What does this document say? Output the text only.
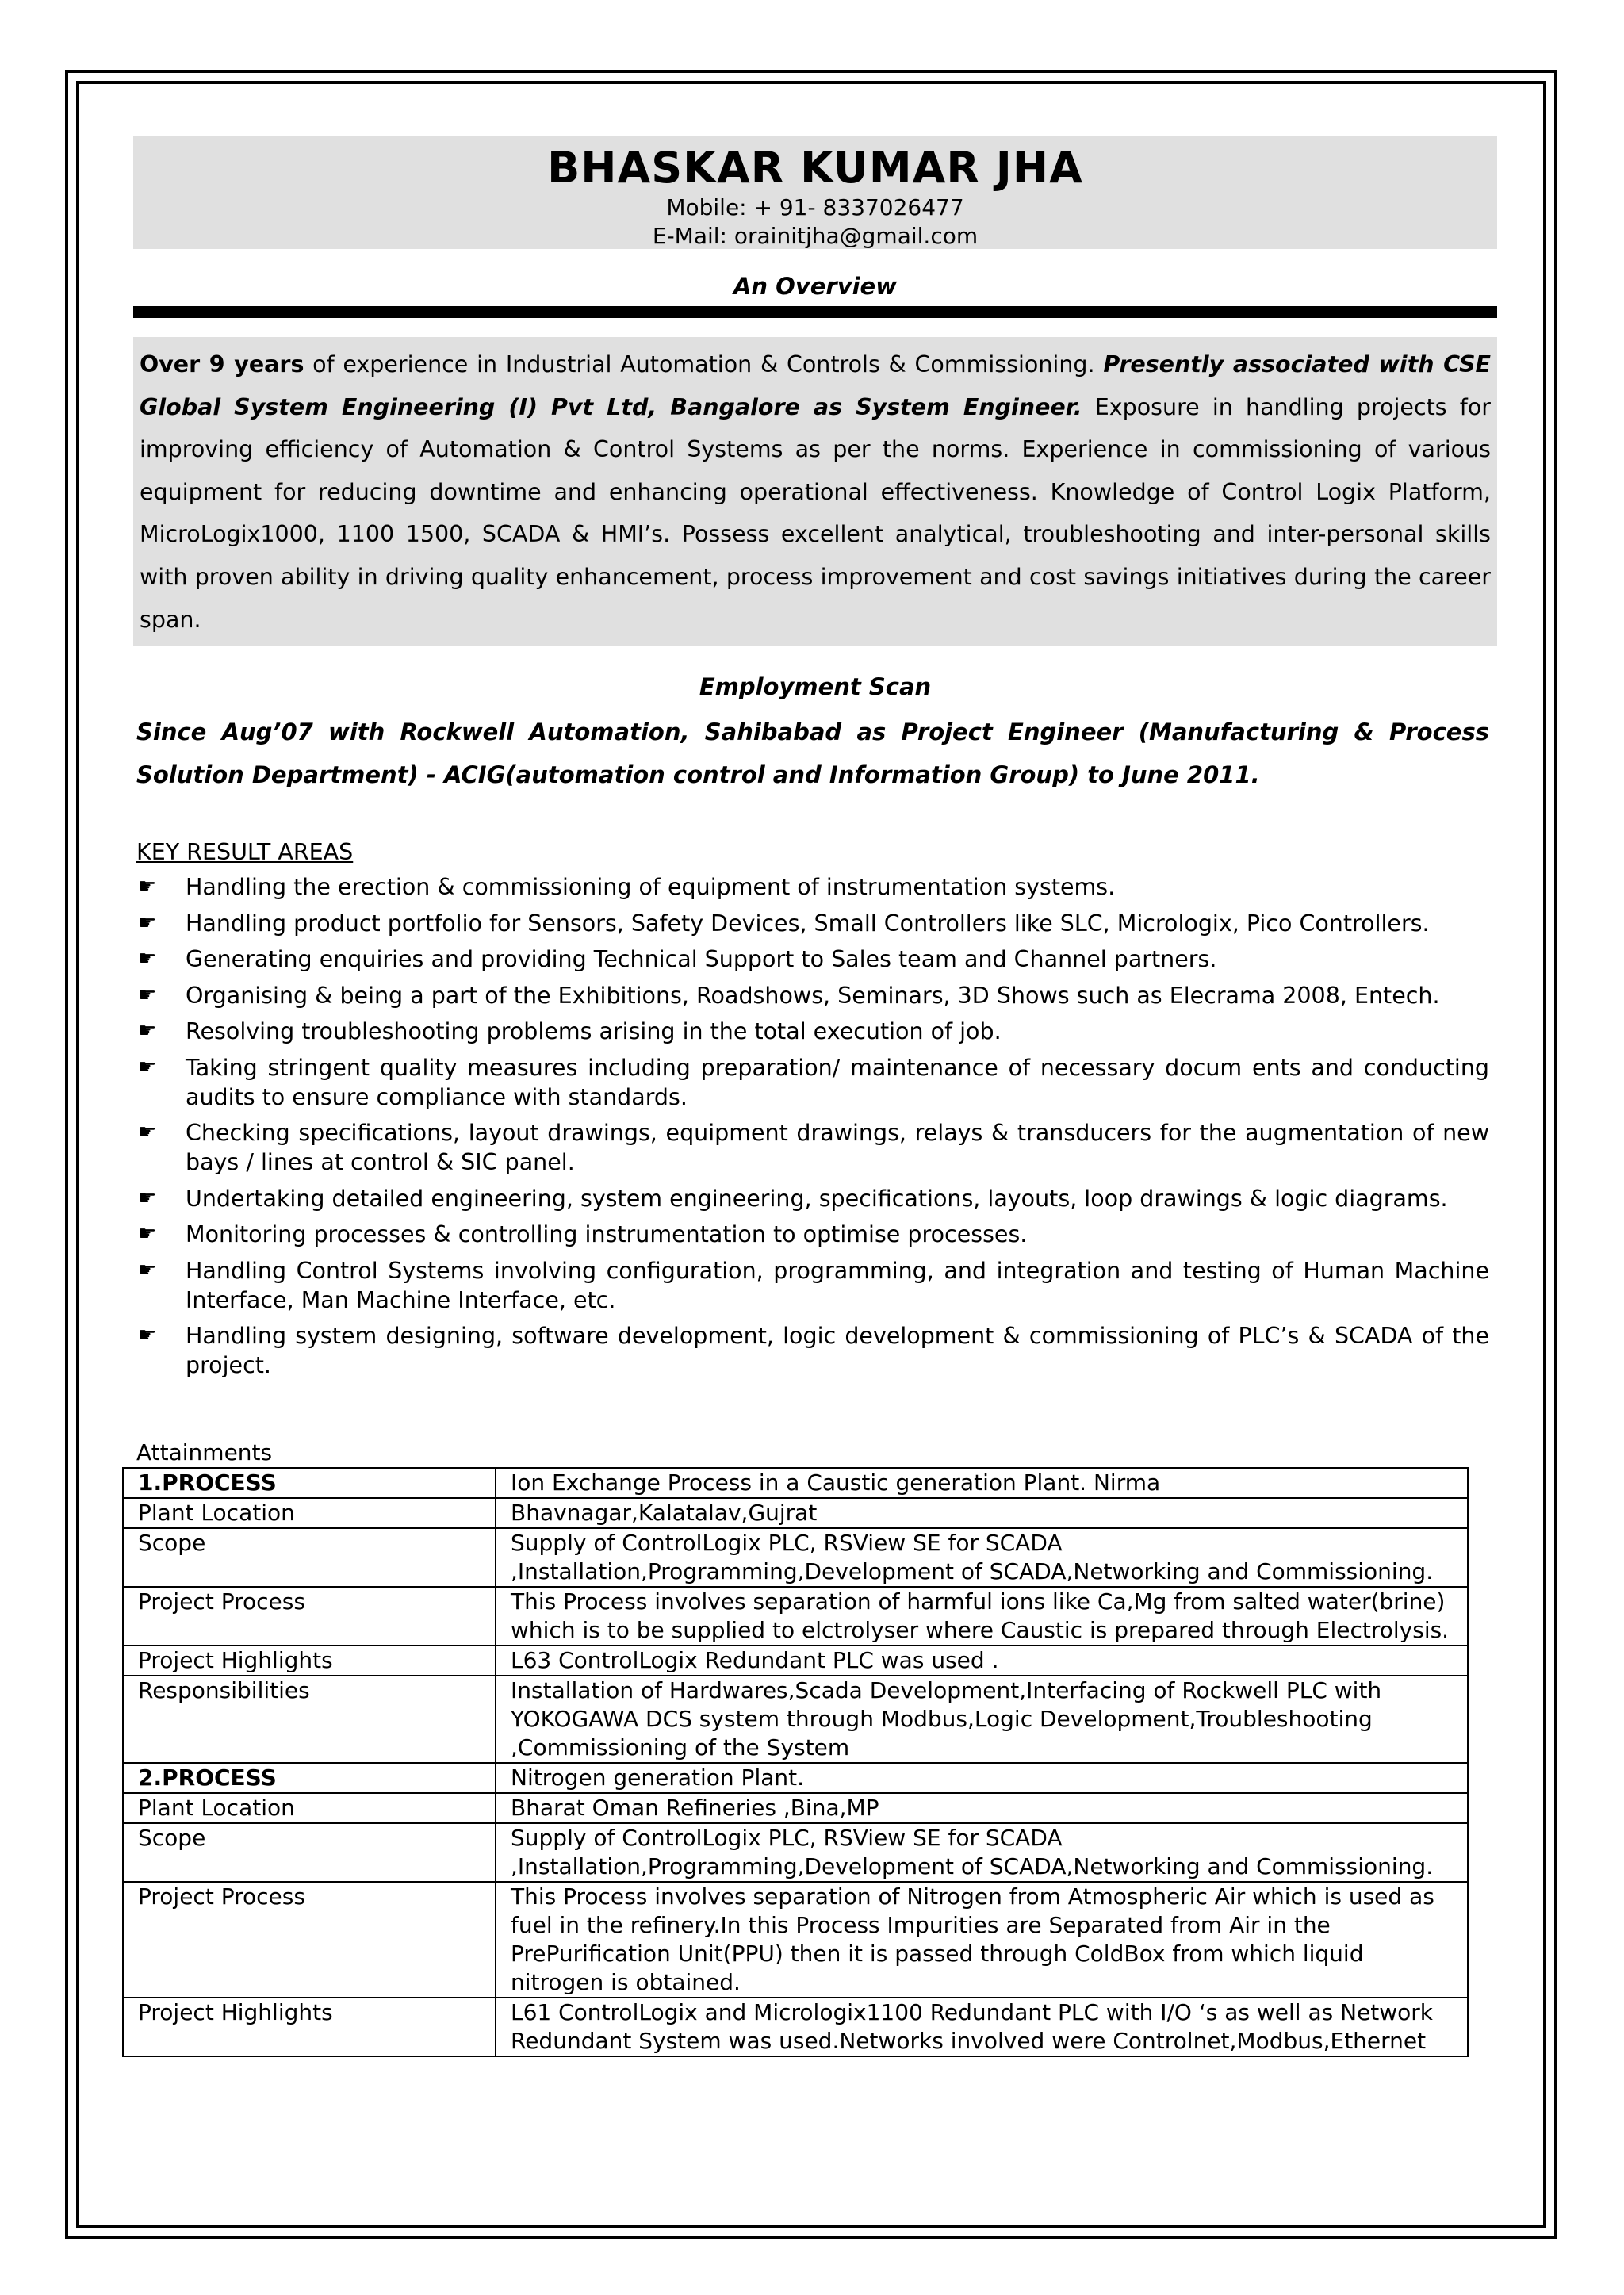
BHASKAR KUMAR JHA
Mobile: + 91- 8337026477
E-Mail: orainitjha@gmail.com
An Overview
Over 9 years of experience in Industrial Automation & Controls & Commissioning. Presently associated with CSE Global System Engineering (I) Pvt Ltd, Bangalore as System Engineer. Exposure in handling projects for improving efficiency of Automation & Control Systems as per the norms. Experience in commissioning of various equipment for reducing downtime and enhancing operational effectiveness. Knowledge of Control Logix Platform, MicroLogix1000, 1100 1500, SCADA & HMI’s. Possess excellent analytical, troubleshooting and inter-personal skills with proven ability in driving quality enhancement, process improvement and cost savings initiatives during the career span.
Employment Scan
Since Aug’07 with Rockwell Automation, Sahibabad as Project Engineer (Manufacturing & Process Solution Department) - ACIG(automation control and Information Group) to June 2011.
KEY RESULT AREAS
☛ Handling the erection & commissioning of equipment of instrumentation systems.
☛ Handling product portfolio for Sensors, Safety Devices, Small Controllers like SLC, Micrologix, Pico Controllers.
☛ Generating enquiries and providing Technical Support to Sales team and Channel partners.
☛ Organising & being a part of the Exhibitions, Roadshows, Seminars, 3D Shows such as Elecrama 2008, Entech.
☛ Resolving troubleshooting problems arising in the total execution of job.
☛ Taking stringent quality measures including preparation/ maintenance of necessary docum ents and conducting audits to ensure compliance with standards.
☛ Checking specifications, layout drawings, equipment drawings, relays & transducers for the augmentation of new bays / lines at control & SIC panel.
☛ Undertaking detailed engineering, system engineering, specifications, layouts, loop drawings & logic diagrams.
☛ Monitoring processes & controlling instrumentation to optimise processes.
☛ Handling Control Systems involving configuration, programming, and integration and testing of Human Machine Interface, Man Machine Interface, etc.
☛ Handling system designing, software development, logic development & commissioning of PLC’s & SCADA of the project.
Attainments
1.PROCESS	Ion Exchange Process in a Caustic generation Plant. Nirma
Plant Location	Bhavnagar,Kalatalav,Gujrat
Scope	Supply of ControlLogix PLC, RSView SE for SCADA ,Installation,Programming,Development of SCADA,Networking and Commissioning.
Project Process	This Process involves separation of harmful ions like Ca,Mg from salted water(brine) which is to be supplied to elctrolyser where Caustic is prepared through Electrolysis.
Project Highlights	L63 ControlLogix Redundant PLC was used .
Responsibilities	Installation of Hardwares,Scada Development,Interfacing of Rockwell PLC with YOKOGAWA DCS system through Modbus,Logic Development,Troubleshooting ,Commissioning of the System
2.PROCESS	Nitrogen generation Plant.
Plant Location	Bharat Oman Refineries ,Bina,MP
Scope	Supply of ControlLogix PLC, RSView SE for SCADA ,Installation,Programming,Development of SCADA,Networking and Commissioning.
Project Process	This Process involves separation of Nitrogen from Atmospheric Air which is used as fuel in the refinery.In this Process Impurities are Separated from Air in the PrePurification Unit(PPU) then it is passed through ColdBox from which liquid nitrogen is obtained.
Project Highlights	L61 ControlLogix and Micrologix1100 Redundant PLC with I/O ‘s as well as Network Redundant System was used.Networks involved were Controlnet,Modbus,Ethernet
